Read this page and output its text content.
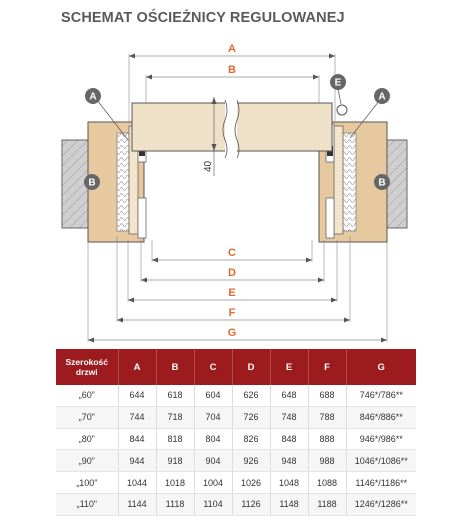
SCHEMAT OŚCIEŻNICY REGULOWANEJ
40
A
B
C
D
E
F
G
A
B
E
A
B
Szerokość drzwi	A	B	C	D	E	F	G
„60”	644	618	604	626	648	688	746*/786**
„70”	744	718	704	726	748	788	846*/886**
„80”	844	818	804	826	848	888	946*/986**
„90”	944	918	904	926	948	988	1046*/1086**
„100”	1044	1018	1004	1026	1048	1088	1146*/1186**
„110”	1144	1118	1104	1126	1148	1188	1246*/1286**
